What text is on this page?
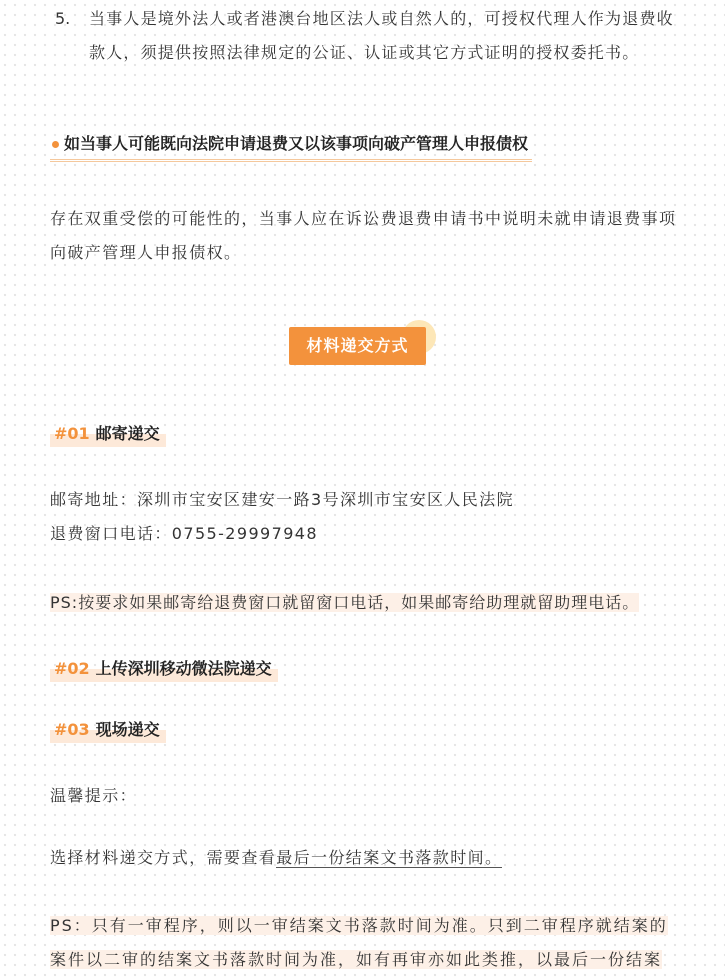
5. 当事人是境外法人或者港澳台地区法人或自然人的，可授权代理人作为退费收款人，须提供按照法律规定的公证、认证或其它方式证明的授权委托书。
如当事人可能既向法院申请退费又以该事项向破产管理人申报债权
存在双重受偿的可能性的，当事人应在诉讼费退费申请书中说明未就申请退费事项向破产管理人申报债权。
材料递交方式
#01 邮寄递交
邮寄地址：深圳市宝安区建安一路3号深圳市宝安区人民法院
退费窗口电话：0755-29997948
PS:按要求如果邮寄给退费窗口就留窗口电话，如果邮寄给助理就留助理电话。
#02 上传深圳移动微法院递交
#03 现场递交
温馨提示：
选择材料递交方式，需要查看最后一份结案文书落款时间。
PS：只有一审程序，则以一审结案文书落款时间为准。只到二审程序就结案的案件以二审的结案文书落款时间为准，如有再审亦如此类推，以最后一份结案
